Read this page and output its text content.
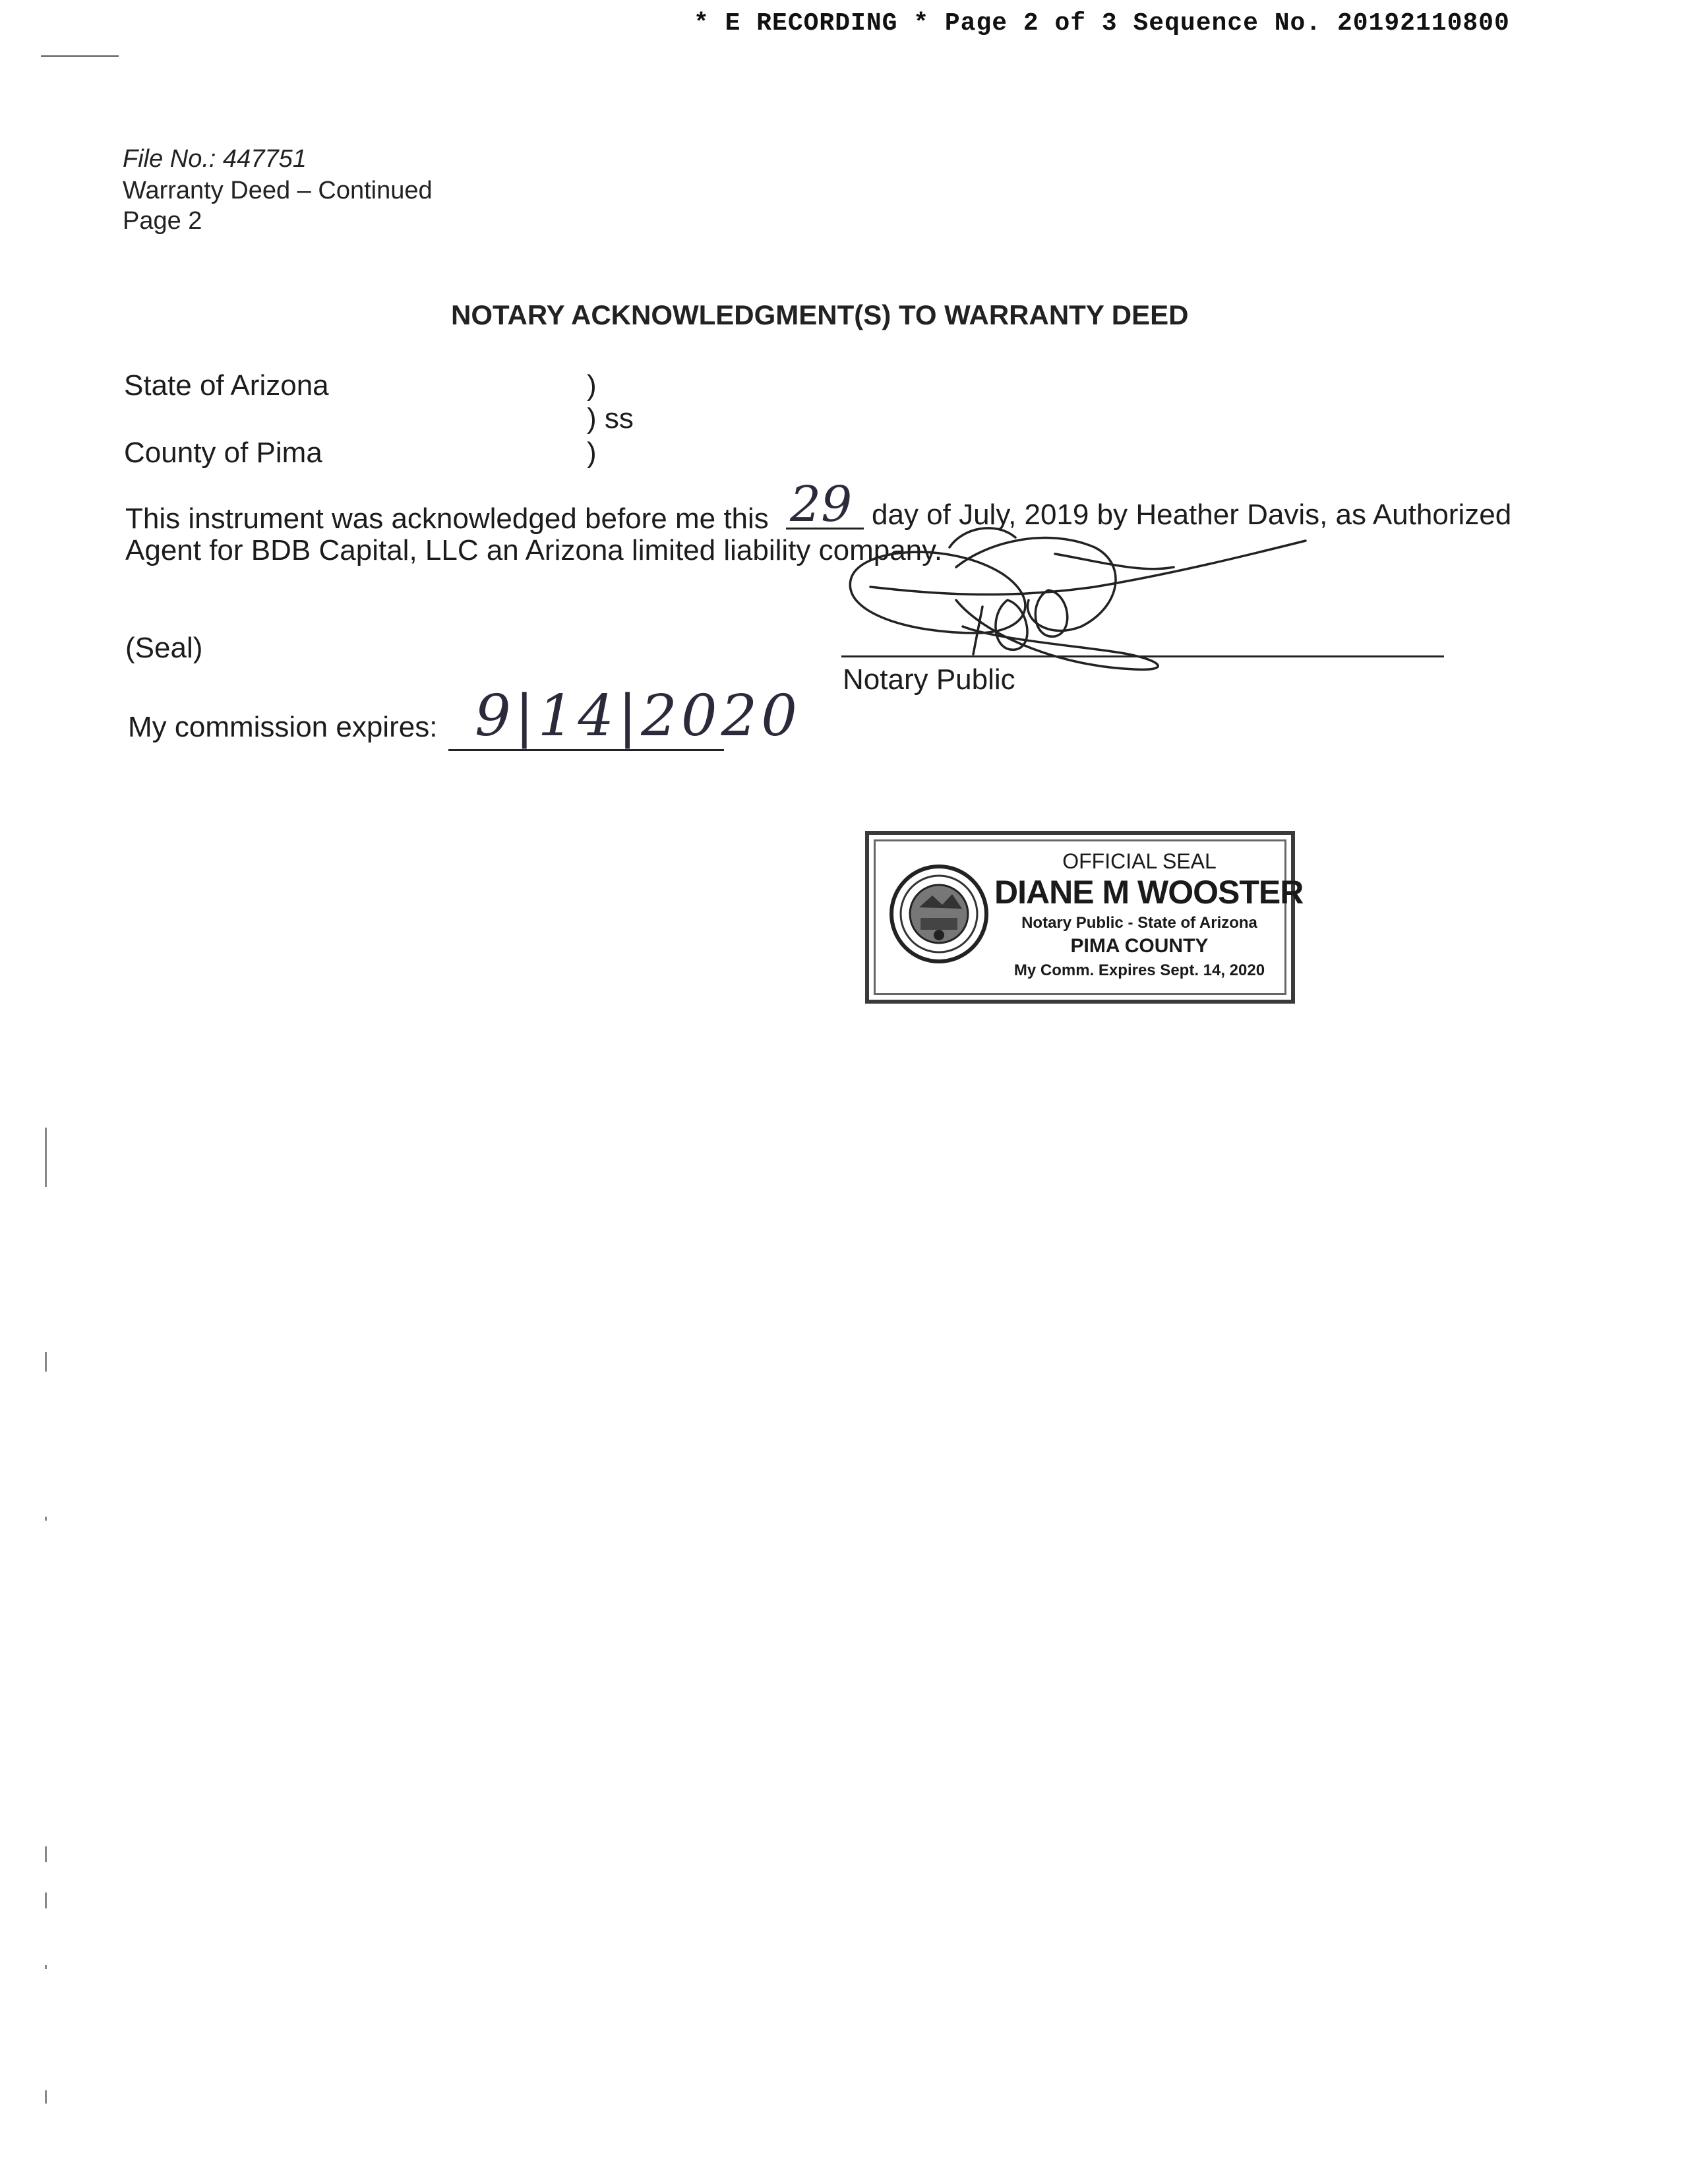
* E RECORDING * Page 2 of 3 Sequence No. 20192110800
File No.: 447751
Warranty Deed – Continued
Page 2
NOTARY ACKNOWLEDGMENT(S) TO WARRANTY DEED
State of Arizona
County of Pima
)
) ss
)
This instrument was acknowledged before me this 29 day of July, 2019 by Heather Davis, as Authorized
Agent for BDB Capital, LLC an Arizona limited liability company.
(Seal)
Notary Public
My commission expires: 9|14|2020
OFFICIAL SEAL
DIANE M WOOSTER
Notary Public - State of Arizona
PIMA COUNTY
My Comm. Expires Sept. 14, 2020
